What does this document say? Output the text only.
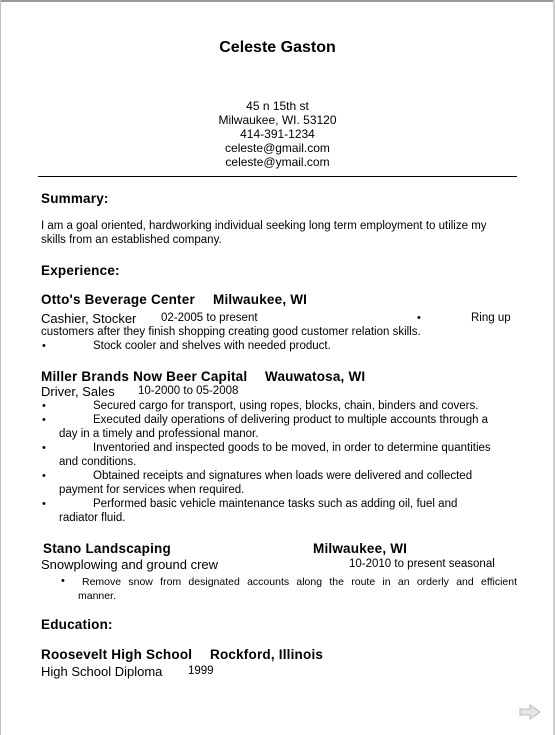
Celeste Gaston
45 n 15th st
Milwaukee, WI. 53120
414-391-1234
celeste@gmail.com
celeste@ymail.com
Summary:
I am a goal oriented, hardworking individual seeking long term employment to utilize my
skills from an established company.
Experience:
Otto's Beverage Center Milwaukee, WI
Cashier, Stocker 02-2005 to present	•	Ring up
customers after they finish shopping creating good customer relation skills.
•	Stock cooler and shelves with needed product.
Miller Brands Now Beer Capital Wauwatosa, WI
Driver, Sales 10-2000 to 05-2008
•	Secured cargo for transport, using ropes, blocks, chain, binders and covers.
•	Executed daily operations of delivering product to multiple accounts through a
day in a timely and professional manor.
•	Inventoried and inspected goods to be moved, in order to determine quantities
and conditions.
•	Obtained receipts and signatures when loads were delivered and collected
payment for services when required.
•	Performed basic vehicle maintenance tasks such as adding oil, fuel and
radiator fluid.
Stano Landscaping	Milwaukee, WI
Snowplowing and ground crew	10-2010 to present seasonal
• Remove snow from designated accounts along the route in an orderly and efficient
manner.
Education:
Roosevelt High School Rockford, Illinois
High School Diploma 1999
